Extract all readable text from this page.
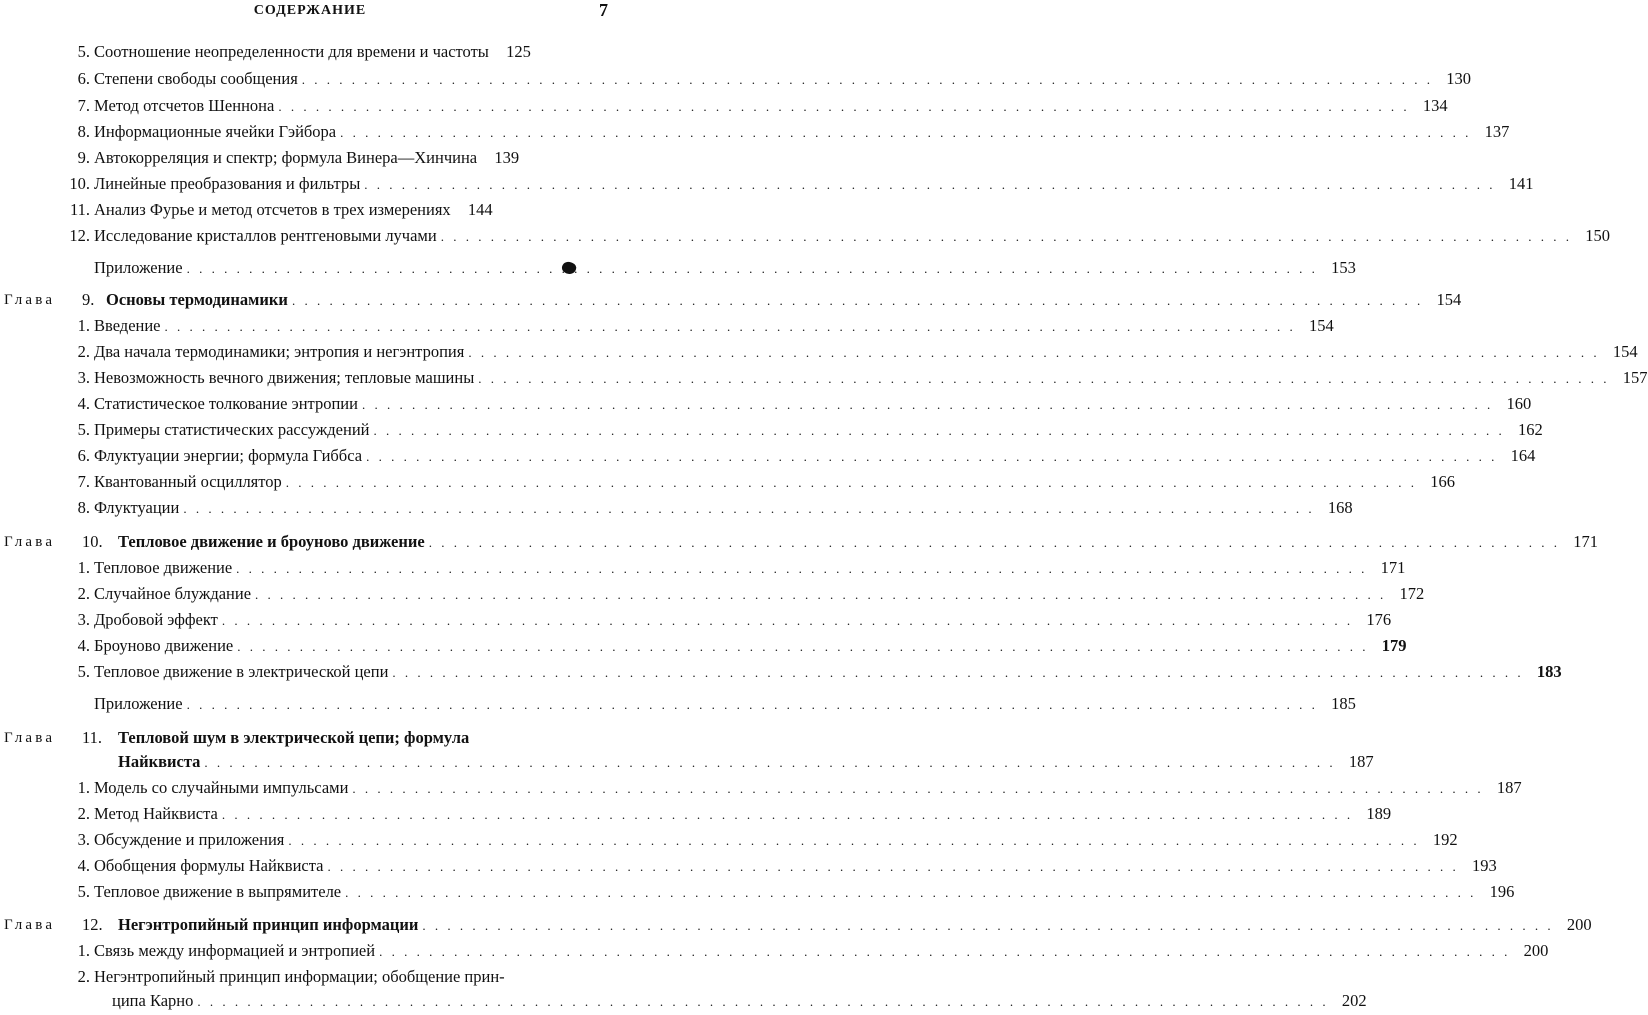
СОДЕРЖАНИЕ	7
5. Соотношение неопределенности для времени и частоты	125
6. Степени свободы сообщения . . .	130
7. Метод отсчетов Шеннона . . .	134
8. Информационные ячейки Гэйбора . . .	137
9. Автокорреляция и спектр; формула Винера—Хинчина	139
10. Линейные преобразования и фильтры . . .	141
11. Анализ Фурье и метод отсчетов в трех измерениях	144
12. Исследование кристаллов рентгеновыми лучами . . .	150
Приложение . . .	153
Глава 9. Основы термодинамики . . .	154
1. Введение . . .	154
2. Два начала термодинамики; энтропия и негэнтропия . . .	154
3. Невозможность вечного движения; тепловые машины . . .	157
4. Статистическое толкование энтропии . . .	160
5. Примеры статистических рассуждений . . .	162
6. Флуктуации энергии; формула Гиббса . . .	164
7. Квантованный осциллятор . . .	166
8. Флуктуации . . .	168
Глава 10. Тепловое движение и броуново движение . . .	171
1. Тепловое движение . . .	171
2. Случайное блуждание . . .	172
3. Дробовой эффект . . .	176
4. Броуново движение . . .	179
5. Тепловое движение в электрической цепи . . .	183
Приложение . . .	185
Глава 11. Тепловой шум в электрической цепи; формула
Найквиста . . .	187
1. Модель со случайными импульсами . . .	187
2. Метод Найквиста . . .	189
3. Обсуждение и приложения . . .	192
4. Обобщения формулы Найквиста . . .	193
5. Тепловое движение в выпрямителе . . .	196
Глава 12. Негэнтропийный принцип информации . . .	200
1. Связь между информацией и энтропией . . .	200
2. Негэнтропийный принцип информации; обобщение прин-
ципа Карно . . .	202
